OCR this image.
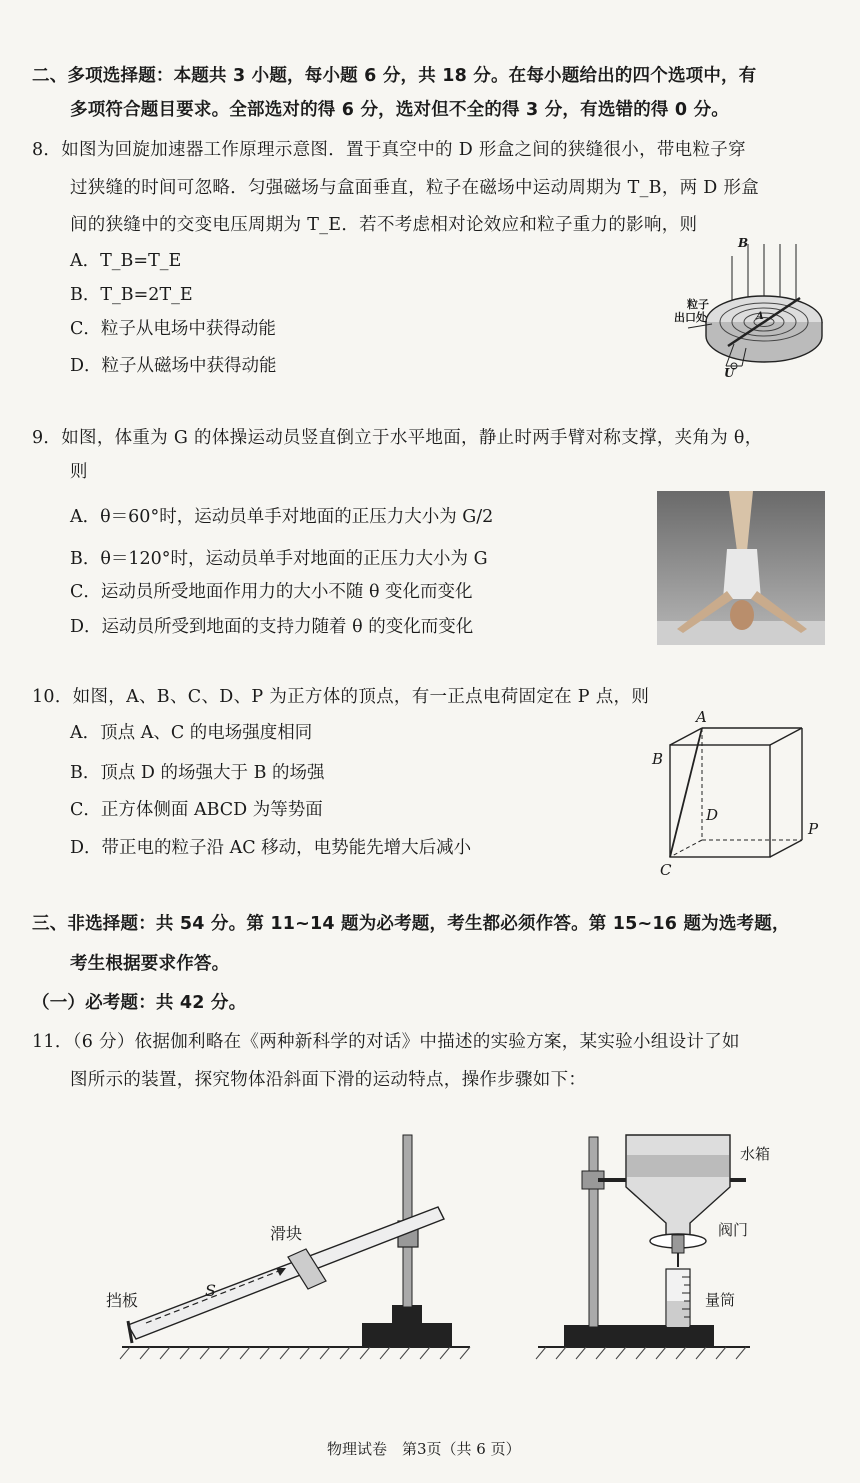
二、多项选择题：本题共 3 小题，每小题 6 分，共 18 分。在每小题给出的四个选项中，有
多项符合题目要求。全部选对的得 6 分，选对但不全的得 3 分，有选错的得 0 分。
8．如图为回旋加速器工作原理示意图．置于真空中的 D 形盒之间的狭缝很小，带电粒子穿
过狭缝的时间可忽略．匀强磁场与盒面垂直，粒子在磁场中运动周期为 T_B，两 D 形盒
间的狭缝中的交变电压周期为 T_E．若不考虑相对论效应和粒子重力的影响，则
A．T_B=T_E
B．T_B=2T_E
C．粒子从电场中获得动能
D．粒子从磁场中获得动能
B
粒子
出口处	A
U
9．如图，体重为 G 的体操运动员竖直倒立于水平地面，静止时两手臂对称支撑，夹角为 θ，
则
A．θ＝60°时，运动员单手对地面的正压力大小为 G/2
B．θ＝120°时，运动员单手对地面的正压力大小为 G
C．运动员所受地面作用力的大小不随 θ 变化而变化
D．运动员所受到地面的支持力随着 θ 的变化而变化
10．如图，A、B、C、D、P 为正方体的顶点，有一正点电荷固定在 P 点，则
A．顶点 A、C 的电场强度相同
B．顶点 D 的场强大于 B 的场强
C．正方体侧面 ABCD 为等势面
D．带正电的粒子沿 AC 移动，电势能先增大后减小
A
B
D
P
C
三、非选择题：共 54 分。第 11~14 题为必考题，考生都必须作答。第 15~16 题为选考题，
考生根据要求作答。
（一）必考题：共 42 分。
11．（6 分）依据伽利略在《两种新科学的对话》中描述的实验方案，某实验小组设计了如
图所示的装置，探究物体沿斜面下滑的运动特点，操作步骤如下：
滑块
挡板
S
水箱
阀门
量筒
物理试卷　第3页（共 6 页）
